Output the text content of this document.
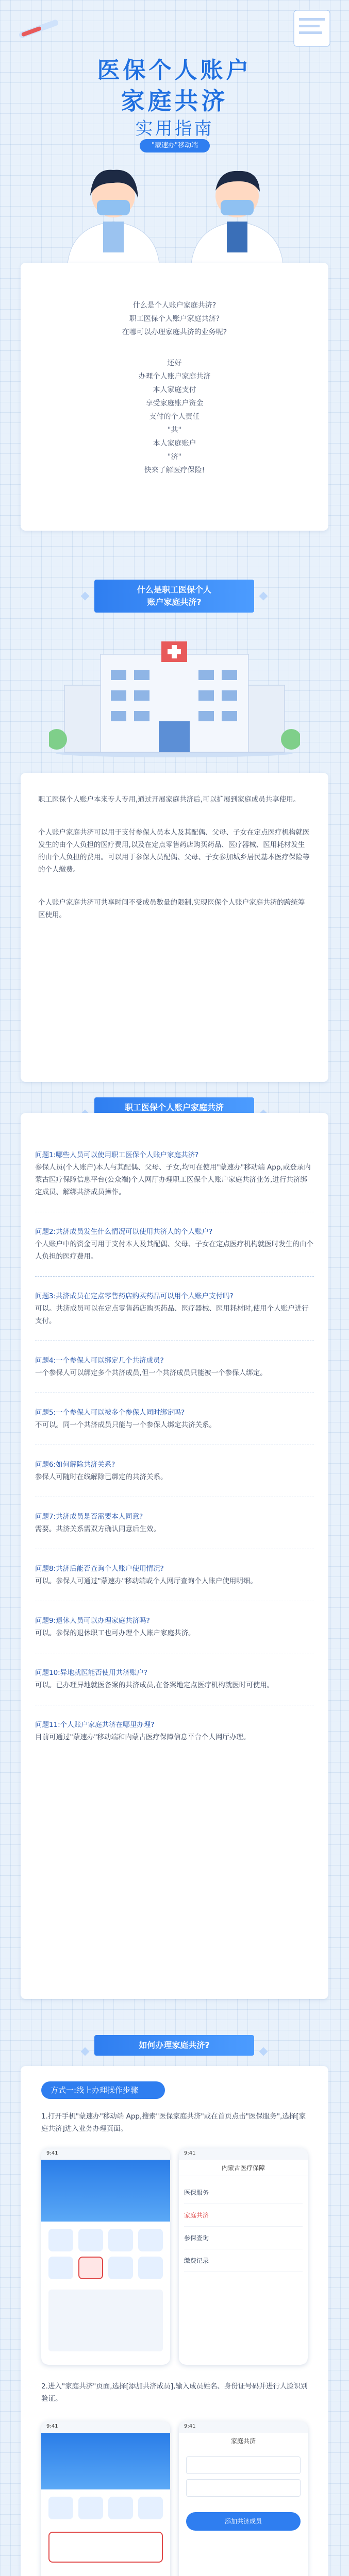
医保个人账户
家庭共济
实用指南
"蒙速办"移动端

什么是个人账户家庭共济?

职工医保个人账户家庭共济?

在哪可以办理家庭共济的业务呢?

还好

办理个人账户家庭共济

本人家庭支付

享受家庭账户资金

支付的个人责任

"共"

本人家庭账户

"济"

快来了解医疗保险!

什么是职工医保个人
账户家庭共济?

职工医保个人账户本来专人专用,通过开展家庭共济后,可以扩展到家庭成员共享使用。

个人账户家庭共济可以用于支付参保人员本人及其配偶、父母、子女在定点医疗机构就医发生的由个人负担的医疗费用,以及在定点零售药店购买药品、医疗器械、医用耗材发生的由个人负担的费用。可以用于参保人员配偶、父母、子女参加城乡居民基本医疗保险等的个人缴费。

个人账户家庭共济可共享时间不受成员数量的限制,实现医保个人账户家庭共济的跨统筹区使用。

职工医保个人账户家庭共济
问题1:哪些人员可以使用职工医保个人账户家庭共济?
参保人员(个人账户)本人与其配偶、父母、子女,均可在使用"蒙速办"移动端 App,或登录内蒙古医疗保障信息平台(公众端)个人网厅办理职工医保个人账户家庭共济业务,进行共济绑定成员、解绑共济成员操作。
问题2:共济成员发生什么情况可以使用共济人的个人账户?
个人账户中的资金可用于支付本人及其配偶、父母、子女在定点医疗机构就医时发生的由个人负担的医疗费用。
问题3:共济成员在定点零售药店购买药品可以用个人账户支付吗?
可以。共济成员可以在定点零售药店购买药品、医疗器械、医用耗材时,使用个人账户进行支付。
问题4:一个参保人可以绑定几个共济成员?
一个参保人可以绑定多个共济成员,但一个共济成员只能被一个参保人绑定。
问题5:一个参保人可以被多个参保人同时绑定吗?
不可以。同一个共济成员只能与一个参保人绑定共济关系。
问题6:如何解除共济关系?
参保人可随时在线解除已绑定的共济关系。
问题7:共济成员是否需要本人同意?
需要。共济关系需双方确认同意后生效。
问题8:共济后能否查询个人账户使用情况?
可以。参保人可通过"蒙速办"移动端或个人网厅查询个人账户使用明细。
问题9:退休人员可以办理家庭共济吗?
可以。参保的退休职工也可办理个人账户家庭共济。
问题10:异地就医能否使用共济账户?
可以。已办理异地就医备案的共济成员,在备案地定点医疗机构就医时可使用。
问题11:个人账户家庭共济在哪里办理?
目前可通过"蒙速办"移动端和内蒙古医疗保障信息平台个人网厅办理。
如何办理家庭共济?
方式一:线上办理操作步骤

1.打开手机"蒙速办"移动端 App,搜索"医保家庭共济"或在首页点击"医保服务",选择[家庭共济]进入业务办理页面。

9:41	9:41
内蒙古医疗保障
医保服务
家庭共济
参保查询
缴费记录

2.进入"家庭共济"页面,选择[添加共济成员],输入成员姓名、身份证号码并进行人脸识别验证。

9:41	9:41
家庭共济
添加共济成员
